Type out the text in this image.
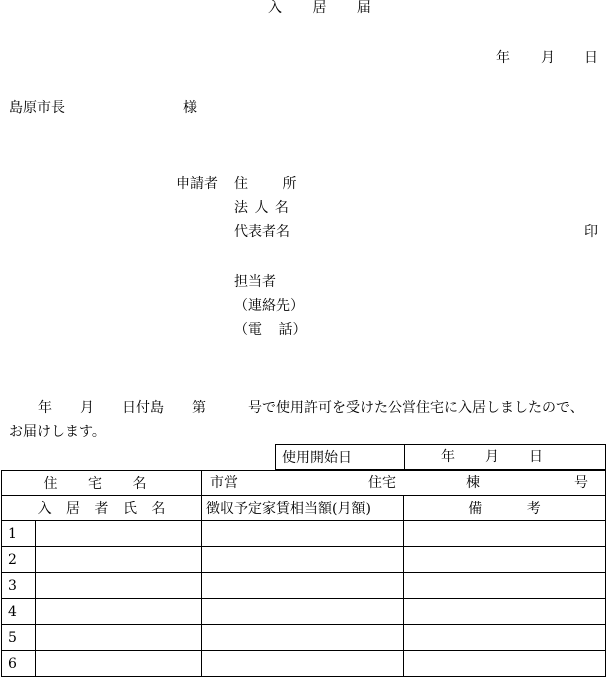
入 居 届
年 月 日
島原市長	様
申請者 住 所
法 人 名
代表者名	印
担当者
（連絡先）
（電 話）
年　　月　　日付島　　第　　　号で使用許可を受けた公営住宅に入居しましたので、
お届けします。
使用開始日	年 月 日
住 宅 名		市営 住宅 棟 号	

入 居 者 氏 名		徴収予定家賃相当額(月額)	備 考
1			
2			
3			
4			
5			
6			
